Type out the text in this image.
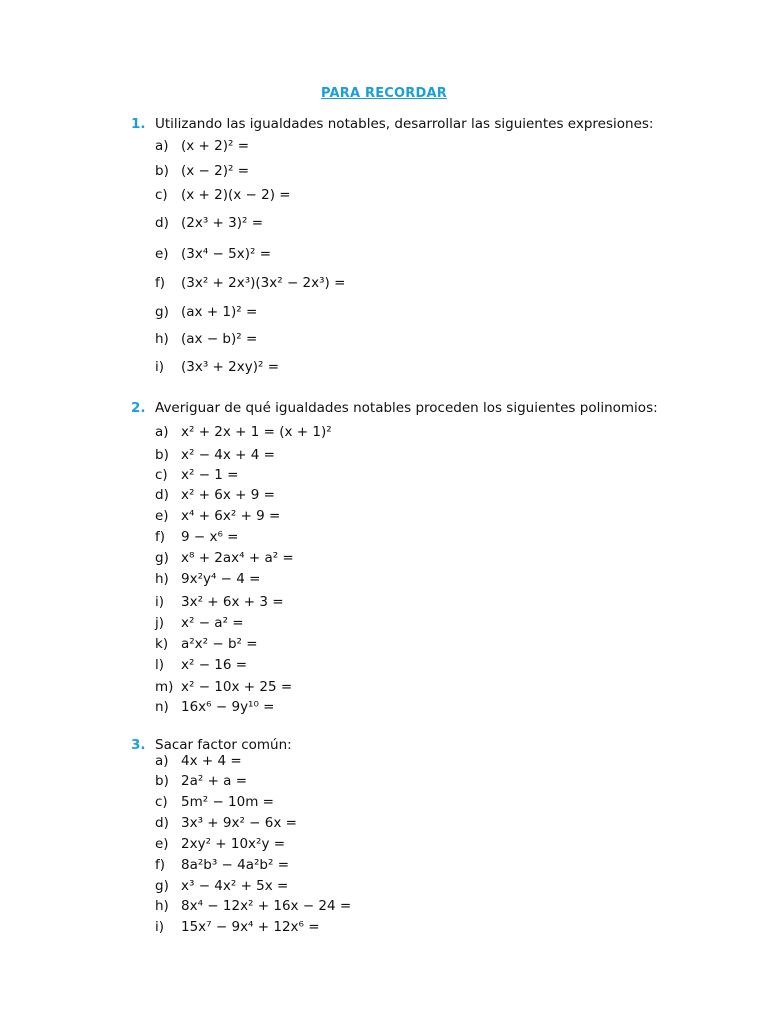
PARA RECORDAR
1. Utilizando las igualdades notables, desarrollar las siguientes expresiones:
a) (x + 2)² =
b) (x − 2)² =
c) (x + 2)(x − 2) =
d) (2x³ + 3)² =
e) (3x⁴ − 5x)² =
f) (3x² + 2x³)(3x² − 2x³) =
g) (ax + 1)² =
h) (ax − b)² =
i) (3x³ + 2xy)² =
2. Averiguar de qué igualdades notables proceden los siguientes polinomios:
a) x² + 2x + 1 = (x + 1)²
b) x² − 4x + 4 =
c) x² − 1 =
d) x² + 6x + 9 =
e) x⁴ + 6x² + 9 =
f) 9 − x⁶ =
g) x⁸ + 2ax⁴ + a² =
h) 9x²y⁴ − 4 =
i) 3x² + 6x + 3 =
j) x² − a² =
k) a²x² − b² =
l) x² − 16 =
m) x² − 10x + 25 =
n) 16x⁶ − 9y¹⁰ =
3. Sacar factor común:
a) 4x + 4 =
b) 2a² + a =
c) 5m² − 10m =
d) 3x³ + 9x² − 6x =
e) 2xy² + 10x²y =
f) 8a²b³ − 4a²b² =
g) x³ − 4x² + 5x =
h) 8x⁴ − 12x² + 16x − 24 =
i) 15x⁷ − 9x⁴ + 12x⁶ =
